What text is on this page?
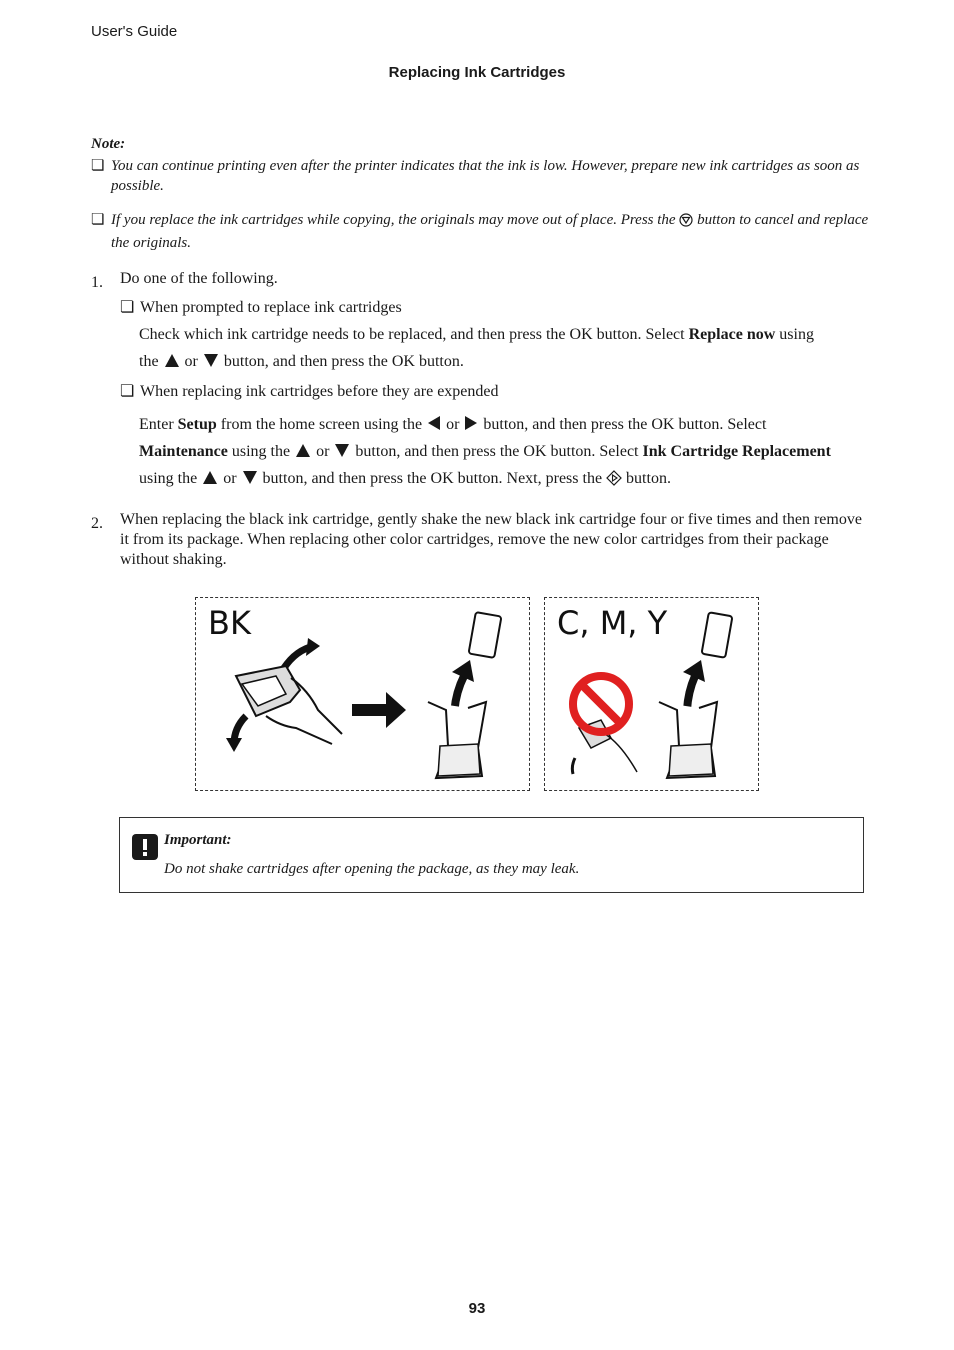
User's Guide
Replacing Ink Cartridges
Note:
❏ You can continue printing even after the printer indicates that the ink is low. However, prepare new ink cartridges as soon as possible.
❏ If you replace the ink cartridges while copying, the originals may move out of place. Press the button to cancel and replace the originals.
1. Do one of the following.
❏ When prompted to replace ink cartridges
Check which ink cartridge needs to be replaced, and then press the OK button. Select Replace now using
the or button, and then press the OK button.
❏ When replacing ink cartridges before they are expended
Enter Setup from the home screen using the or button, and then press the OK button. Select
Maintenance using the or button, and then press the OK button. Select Ink Cartridge Replacement
using the or button, and then press the OK button. Next, press the button.
2. When replacing the black ink cartridge, gently shake the new black ink cartridge four or five times and then remove it from its package. When replacing other color cartridges, remove the new color cartridges from their package without shaking.
BK	C, M, Y
Important:
Do not shake cartridges after opening the package, as they may leak.
93
